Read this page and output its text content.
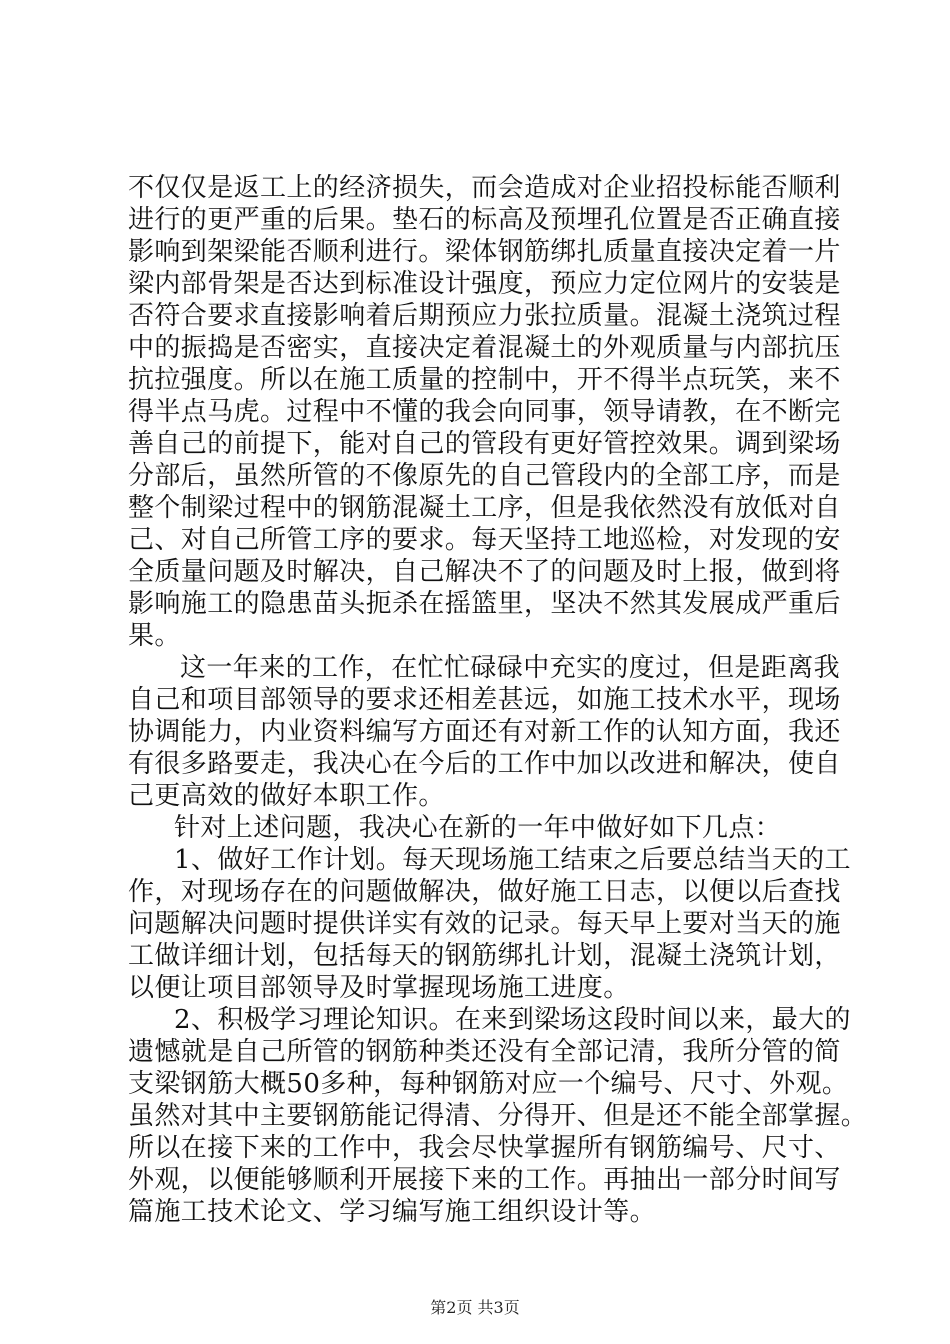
不仅仅是返工上的经济损失，而会造成对企业招投标能否顺利
进行的更严重的后果。垫石的标高及预埋孔位置是否正确直接
影响到架梁能否顺利进行。梁体钢筋绑扎质量直接决定着一片
梁内部骨架是否达到标准设计强度，预应力定位网片的安装是
否符合要求直接影响着后期预应力张拉质量。混凝土浇筑过程
中的振捣是否密实，直接决定着混凝土的外观质量与内部抗压
抗拉强度。所以在施工质量的控制中，开不得半点玩笑，来不
得半点马虎。过程中不懂的我会向同事，领导请教，在不断完
善自己的前提下，能对自己的管段有更好管控效果。调到梁场
分部后，虽然所管的不像原先的自己管段内的全部工序，而是
整个制梁过程中的钢筋混凝土工序，但是我依然没有放低对自
己、对自己所管工序的要求。每天坚持工地巡检，对发现的安
全质量问题及时解决，自己解决不了的问题及时上报，做到将
影响施工的隐患苗头扼杀在摇篮里，坚决不然其发展成严重后
果。
这一年来的工作，在忙忙碌碌中充实的度过，但是距离我
自己和项目部领导的要求还相差甚远，如施工技术水平，现场
协调能力，内业资料编写方面还有对新工作的认知方面，我还
有很多路要走，我决心在今后的工作中加以改进和解决，使自
己更高效的做好本职工作。
针对上述问题，我决心在新的一年中做好如下几点：
1、做好工作计划。每天现场施工结束之后要总结当天的工
作，对现场存在的问题做解决，做好施工日志，以便以后查找
问题解决问题时提供详实有效的记录。每天早上要对当天的施
工做详细计划，包括每天的钢筋绑扎计划，混凝土浇筑计划，
以便让项目部领导及时掌握现场施工进度。
2、积极学习理论知识。在来到梁场这段时间以来，最大的
遗憾就是自己所管的钢筋种类还没有全部记清，我所分管的简
支梁钢筋大概50多种，每种钢筋对应一个编号、尺寸、外观。
虽然对其中主要钢筋能记得清、分得开、但是还不能全部掌握。
所以在接下来的工作中，我会尽快掌握所有钢筋编号、尺寸、
外观，以便能够顺利开展接下来的工作。再抽出一部分时间写
篇施工技术论文、学习编写施工组织设计等。
第2页 共3页
